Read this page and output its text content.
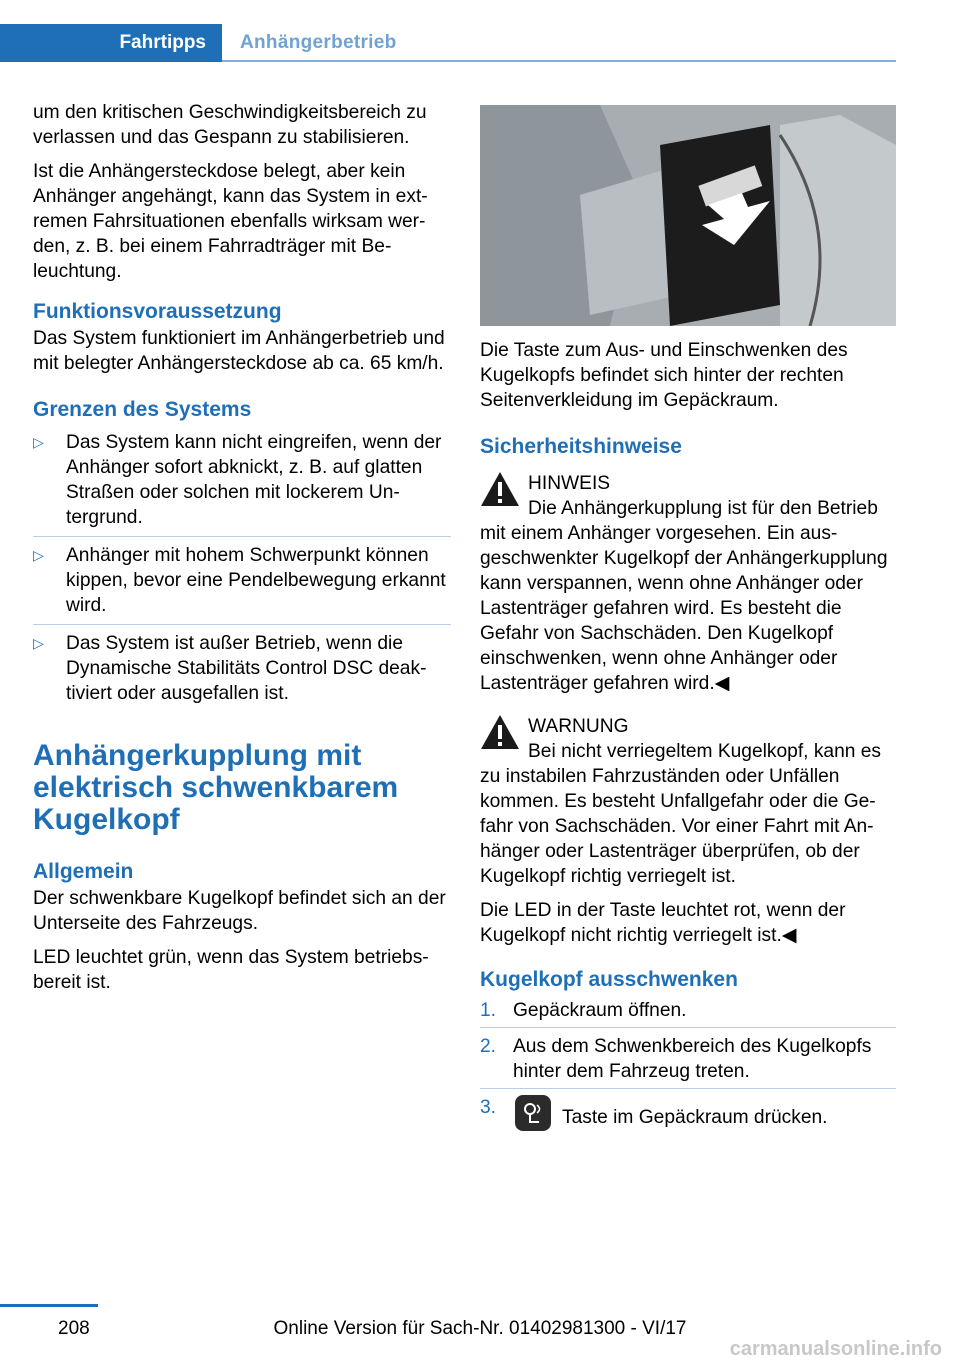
Fahrtipps	Anhängerbetrieb

um den kritischen Geschwindigkeitsbereich zu verlassen und das Gespann zu stabilisieren.

Ist die Anhängersteckdose belegt, aber kein Anhänger angehängt, kann das System in extremen Fahrsituationen ebenfalls wirksam werden, z. B. bei einem Fahrradträger mit Beleuchtung.

Funktionsvoraussetzung

Das System funktioniert im Anhängerbetrieb und mit belegter Anhängersteckdose ab ca. 65 km/h.

Grenzen des Systems
▷ Das System kann nicht eingreifen, wenn der Anhänger sofort abknickt, z. B. auf glatten Straßen oder solchen mit lockerem Untergrund.
▷ Anhänger mit hohem Schwerpunkt können kippen, bevor eine Pendelbewegung erkannt wird.
▷ Das System ist außer Betrieb, wenn die Dynamische Stabilitäts Control DSC deaktiviert oder ausgefallen ist.
Anhängerkupplung mit elektrisch schwenkbarem Kugelkopf
Allgemein

Der schwenkbare Kugelkopf befindet sich an der Unterseite des Fahrzeugs.

LED leuchtet grün, wenn das System betriebsbereit ist.

Die Taste zum Aus- und Einschwenken des Kugelkopfs befindet sich hinter der rechten Seitenverkleidung im Gepäckraum.

Sicherheitshinweise
HINWEIS

Die Anhängerkupplung ist für den Betrieb mit einem Anhänger vorgesehen. Ein ausgeschwenkter Kugelkopf der Anhängerkupplung kann verspannen, wenn ohne Anhänger oder Lastenträger gefahren wird. Es besteht die Gefahr von Sachschäden. Den Kugelkopf einschwenken, wenn ohne Anhänger oder Lastenträger gefahren wird.◀

WARNUNG

Bei nicht verriegeltem Kugelkopf, kann es zu instabilen Fahrzuständen oder Unfällen kommen. Es besteht Unfallgefahr oder die Gefahr von Sachschäden. Vor einer Fahrt mit Anhänger oder Lastenträger überprüfen, ob der Kugelkopf richtig verriegelt ist.

Die LED in der Taste leuchtet rot, wenn der Kugelkopf nicht richtig verriegelt ist.◀

Kugelkopf ausschwenken
1. Gepäckraum öffnen.
2. Aus dem Schwenkbereich des Kugelkopfs hinter dem Fahrzeug treten.
3.	Taste im Gepäckraum drücken.
208	Online Version für Sach-Nr. 01402981300 - VI/17
carmanualsonline.info
